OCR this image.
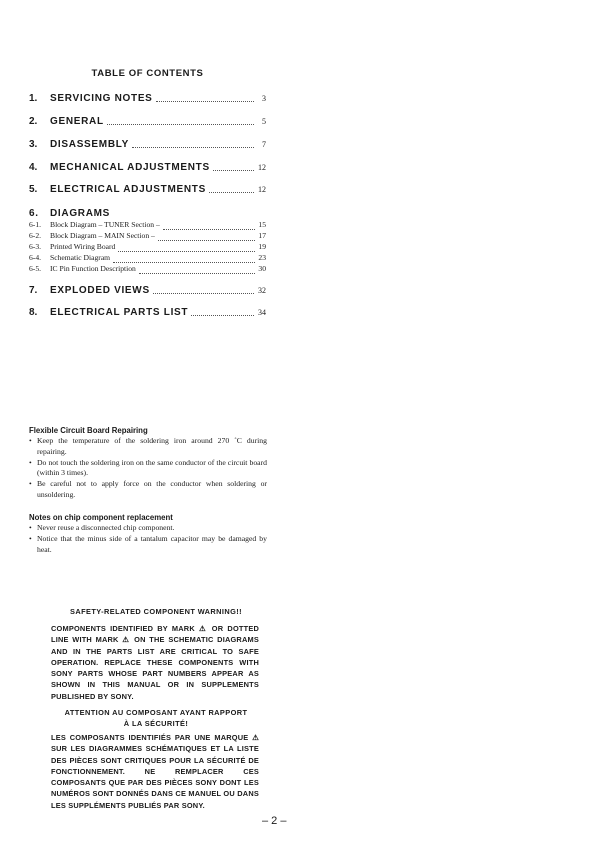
TABLE OF CONTENTS
1.	SERVICING NOTES	3
2.	GENERAL	5
3.	DISASSEMBLY	7
4.	MECHANICAL ADJUSTMENTS	12
5.	ELECTRICAL ADJUSTMENTS	12
6.	DIAGRAMS
6-1.	Block Diagram – TUNER Section –	15
6-2.	Block Diagram – MAIN Section –	17
6-3.	Printed Wiring Board	19
6-4.	Schematic Diagram	23
6-5.	IC Pin Function Description	30
7.	EXPLODED VIEWS	32
8.	ELECTRICAL PARTS LIST	34
Flexible Circuit Board Repairing
• Keep the temperature of the soldering iron around 270 ˚C during repairing.
• Do not touch the soldering iron on the same conductor of the circuit board (within 3 times).
• Be careful not to apply force on the conductor when soldering or unsoldering.
Notes on chip component replacement
• Never reuse a disconnected chip component.
• Notice that the minus side of a tantalum capacitor may be damaged by heat.
SAFETY-RELATED COMPONENT WARNING!!
COMPONENTS IDENTIFIED BY MARK ⚠ OR DOTTED LINE WITH MARK ⚠ ON THE SCHEMATIC DIAGRAMS AND IN THE PARTS LIST ARE CRITICAL TO SAFE OPERATION. REPLACE THESE COMPONENTS WITH SONY PARTS WHOSE PART NUMBERS APPEAR AS SHOWN IN THIS MANUAL OR IN SUPPLEMENTS PUBLISHED BY SONY.
ATTENTION AU COMPOSANT AYANT RAPPORT
À LA SÉCURITÉ!
LES COMPOSANTS IDENTIFIÉS PAR UNE MARQUE ⚠ SUR LES DIAGRAMMES SCHÉMATIQUES ET LA LISTE DES PIÈCES SONT CRITIQUES POUR LA SÉCURITÉ DE FONCTIONNEMENT. NE REMPLACER CES COMPOSANTS QUE PAR DES PIÈCES SONY DONT LES NUMÉROS SONT DONNÉS DANS CE MANUEL OU DANS LES SUPPLÉMENTS PUBLIÉS PAR SONY.
– 2 –
